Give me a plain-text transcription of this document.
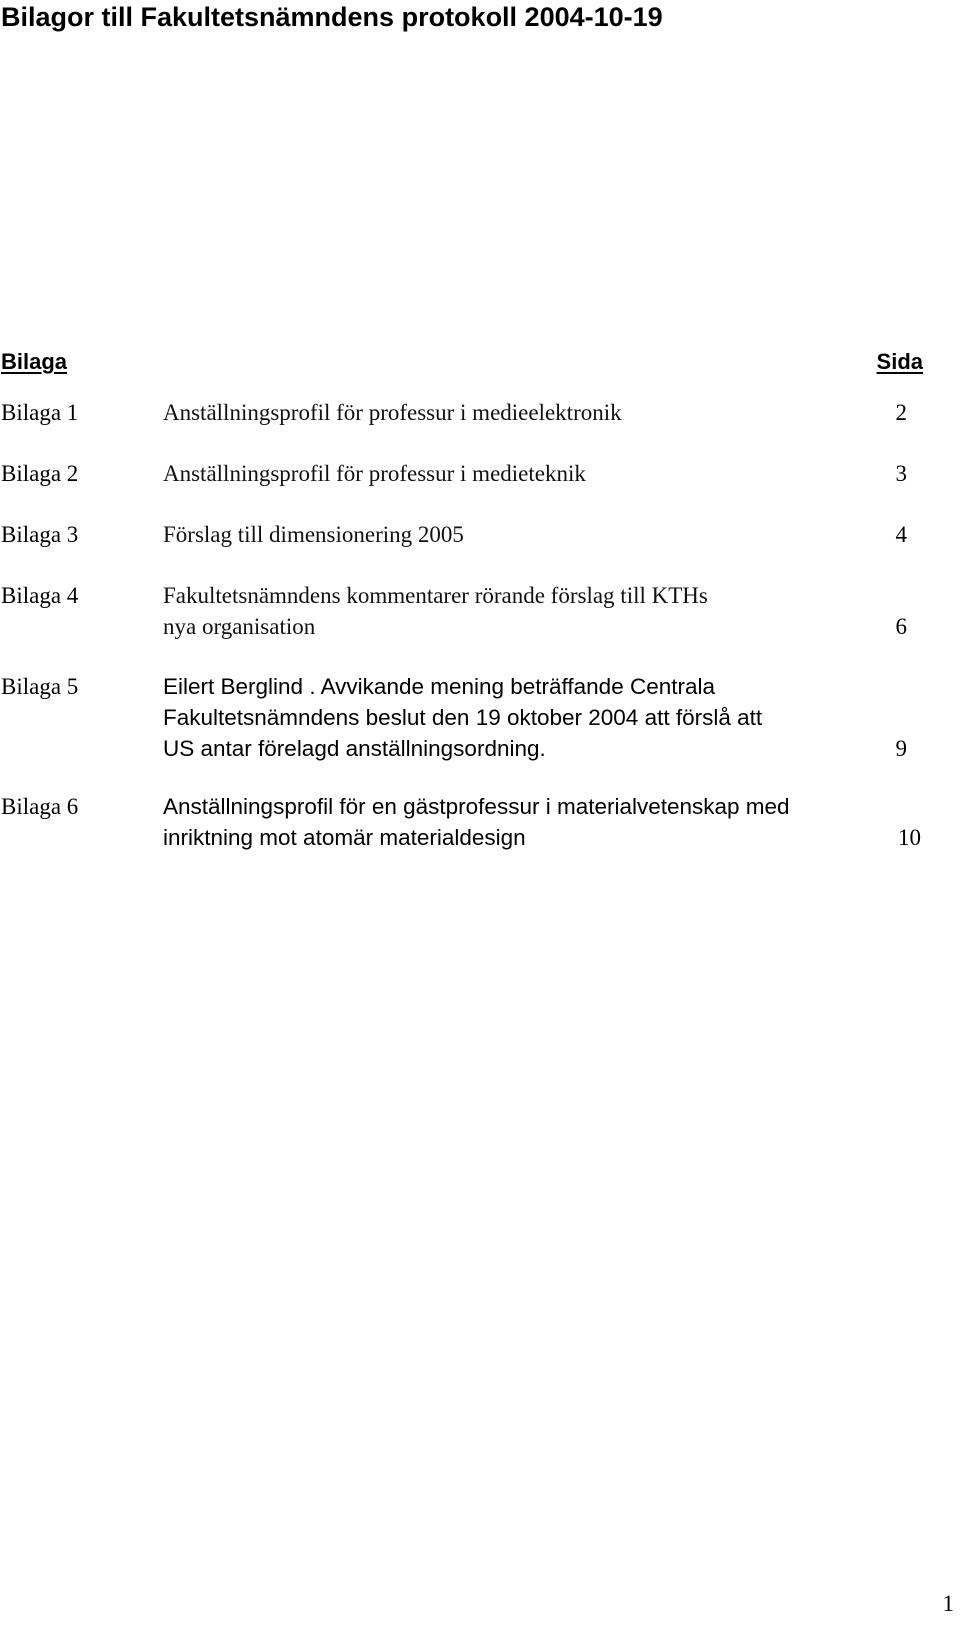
Bilagor till Fakultetsnämndens protokoll 2004-10-19
Bilaga	Sida
Bilaga 1	Anställningsprofil för professur i medieelektronik	2
Bilaga 2	Anställningsprofil för professur i medieteknik	3
Bilaga 3	Förslag till dimensionering 2005	4
Bilaga 4	Fakultetsnämndens kommentarer rörande förslag till KTHs
nya organisation	6
Bilaga 5	Eilert Berglind . Avvikande mening beträffande Centrala
Fakultetsnämndens beslut den 19 oktober 2004 att förslå att
US antar förelagd anställningsordning.	9
Bilaga 6	Anställningsprofil för en gästprofessur i materialvetenskap med
inriktning mot atomär materialdesign	10
1
